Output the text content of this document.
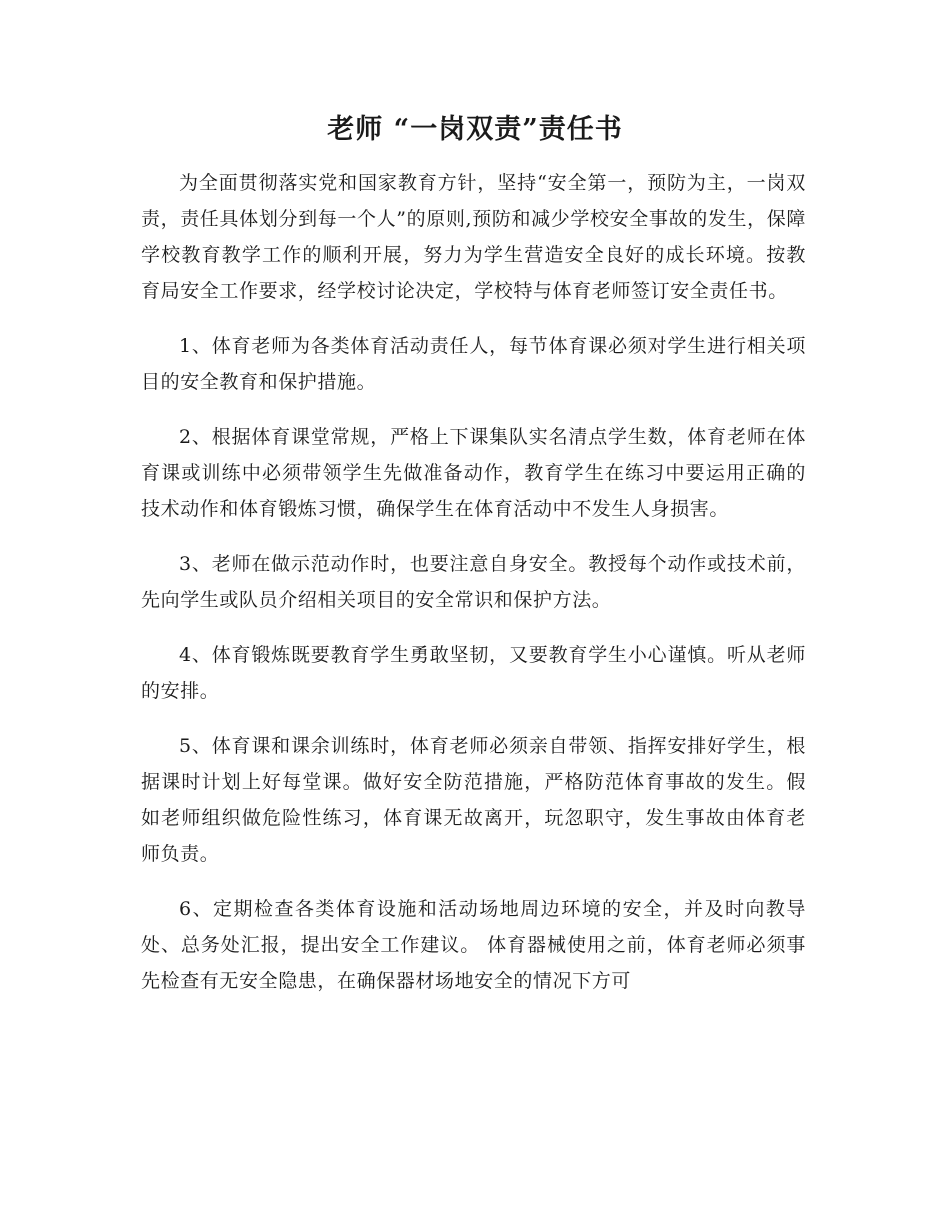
老师 “一岗双责”责任书

为全面贯彻落实党和国家教育方针，坚持“安全第一，预防为主，一岗双责，责任具体划分到每一个人”的原则,预防和减少学校安全事故的发生，保障学校教育教学工作的顺利开展，努力为学生营造安全良好的成长环境。按教育局安全工作要求，经学校讨论决定，学校特与体育老师签订安全责任书。

1、体育老师为各类体育活动责任人，每节体育课必须对学生进行相关项目的安全教育和保护措施。

2、根据体育课堂常规，严格上下课集队实名清点学生数，体育老师在体育课或训练中必须带领学生先做准备动作，教育学生在练习中要运用正确的技术动作和体育锻炼习惯，确保学生在体育活动中不发生人身损害。

3、老师在做示范动作时，也要注意自身安全。教授每个动作或技术前，先向学生或队员介绍相关项目的安全常识和保护方法。

4、体育锻炼既要教育学生勇敢坚韧，又要教育学生小心谨慎。听从老师的安排。

5、体育课和课余训练时，体育老师必须亲自带领、指挥安排好学生，根据课时计划上好每堂课。做好安全防范措施，严格防范体育事故的发生。假如老师组织做危险性练习，体育课无故离开，玩忽职守，发生事故由体育老师负责。

6、定期检查各类体育设施和活动场地周边环境的安全，并及时向教导处、总务处汇报，提出安全工作建议。 体育器械使用之前，体育老师必须事先检查有无安全隐患，在确保器材场地安全的情况下方可
